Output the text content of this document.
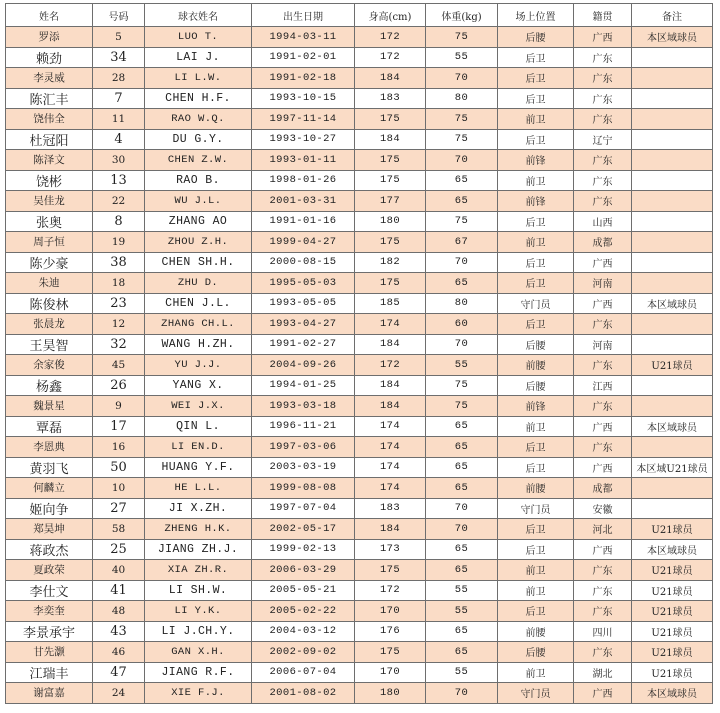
姓名	号码	球衣姓名	出生日期	身高(cm)	体重(kg)	场上位置	籍贯	备注
罗添	5	LUO T.	1994-03-11	172	75	后腰	广西	本区域球员
赖劲	34	LAI J.	1991-02-01	172	55	后卫	广东	
李灵威	28	LI L.W.	1991-02-18	184	70	后卫	广东	
陈汇丰	7	CHEN H.F.	1993-10-15	183	80	后卫	广东	
饶伟全	11	RAO W.Q.	1997-11-14	175	75	前卫	广东	
杜冠阳	4	DU G.Y.	1993-10-27	184	75	后卫	辽宁	
陈泽文	30	CHEN Z.W.	1993-01-11	175	70	前锋	广东	
饶彬	13	RAO B.	1998-01-26	175	65	前卫	广东	
吴佳龙	22	WU J.L.	2001-03-31	177	65	前锋	广东	
张奥	8	ZHANG AO	1991-01-16	180	75	后卫	山西	
周子恒	19	ZHOU Z.H.	1999-04-27	175	67	前卫	成都	
陈少豪	38	CHEN SH.H.	2000-08-15	182	70	后卫	广西	
朱迪	18	ZHU D.	1995-05-03	175	65	后卫	河南	
陈俊林	23	CHEN J.L.	1993-05-05	185	80	守门员	广西	本区域球员
张晨龙	12	ZHANG CH.L.	1993-04-27	174	60	后卫	广东	
王昊智	32	WANG H.ZH.	1991-02-27	184	70	后腰	河南	
余家俊	45	YU J.J.	2004-09-26	172	55	前腰	广东	U21球员
杨鑫	26	YANG X.	1994-01-25	184	75	后腰	江西	
魏景星	9	WEI J.X.	1993-03-18	184	75	前锋	广东	
覃磊	17	QIN L.	1996-11-21	174	65	前卫	广西	本区域球员
李恩典	16	LI EN.D.	1997-03-06	174	65	后卫	广东	
黄羽飞	50	HUANG Y.F.	2003-03-19	174	65	后卫	广西	本区域U21球员
何麟立	10	HE L.L.	1999-08-08	174	65	前腰	成都	
姬向争	27	JI X.ZH.	1997-07-04	183	70	守门员	安徽	
郑昊坤	58	ZHENG H.K.	2002-05-17	184	70	后卫	河北	U21球员
蒋政杰	25	JIANG ZH.J.	1999-02-13	173	65	后卫	广西	本区域球员
夏政荣	40	XIA ZH.R.	2006-03-29	175	65	前卫	广东	U21球员
李仕文	41	LI SH.W.	2005-05-21	172	55	前卫	广东	U21球员
李奕奎	48	LI Y.K.	2005-02-22	170	55	后卫	广东	U21球员
李景承宇	43	LI J.CH.Y.	2004-03-12	176	65	前腰	四川	U21球员
甘先灏	46	GAN X.H.	2002-09-02	175	65	后腰	广东	U21球员
江瑞丰	47	JIANG R.F.	2006-07-04	170	55	前卫	湖北	U21球员
谢富嘉	24	XIE F.J.	2001-08-02	180	70	守门员	广西	本区域球员
